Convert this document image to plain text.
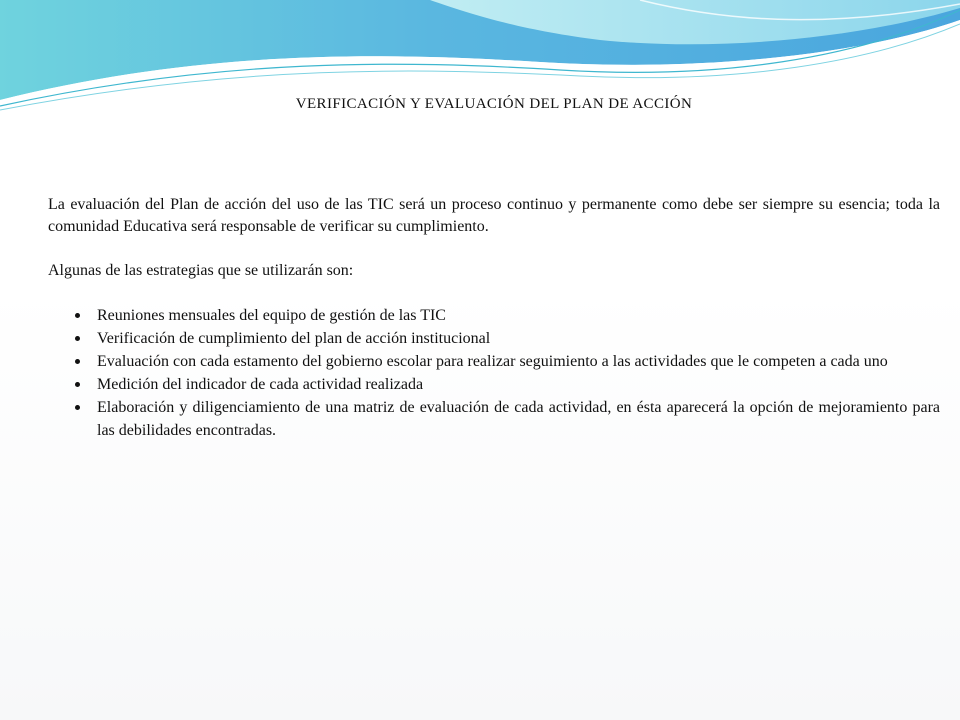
VERIFICACIÓN Y EVALUACIÓN DEL PLAN DE ACCIÓN

La evaluación del Plan de acción del uso de las TIC será un proceso continuo y permanente como debe ser siempre su esencia; toda la comunidad Educativa será responsable de verificar su cumplimiento.

Algunas de las estrategias que se utilizarán son:

Reuniones mensuales del equipo de gestión de las TIC
Verificación de cumplimiento del plan de acción institucional
Evaluación con cada estamento del gobierno escolar para realizar seguimiento a las actividades que le competen a cada uno
Medición del indicador de cada actividad realizada
Elaboración y diligenciamiento de una matriz de evaluación de cada actividad, en ésta aparecerá la opción de mejoramiento para las debilidades encontradas.
